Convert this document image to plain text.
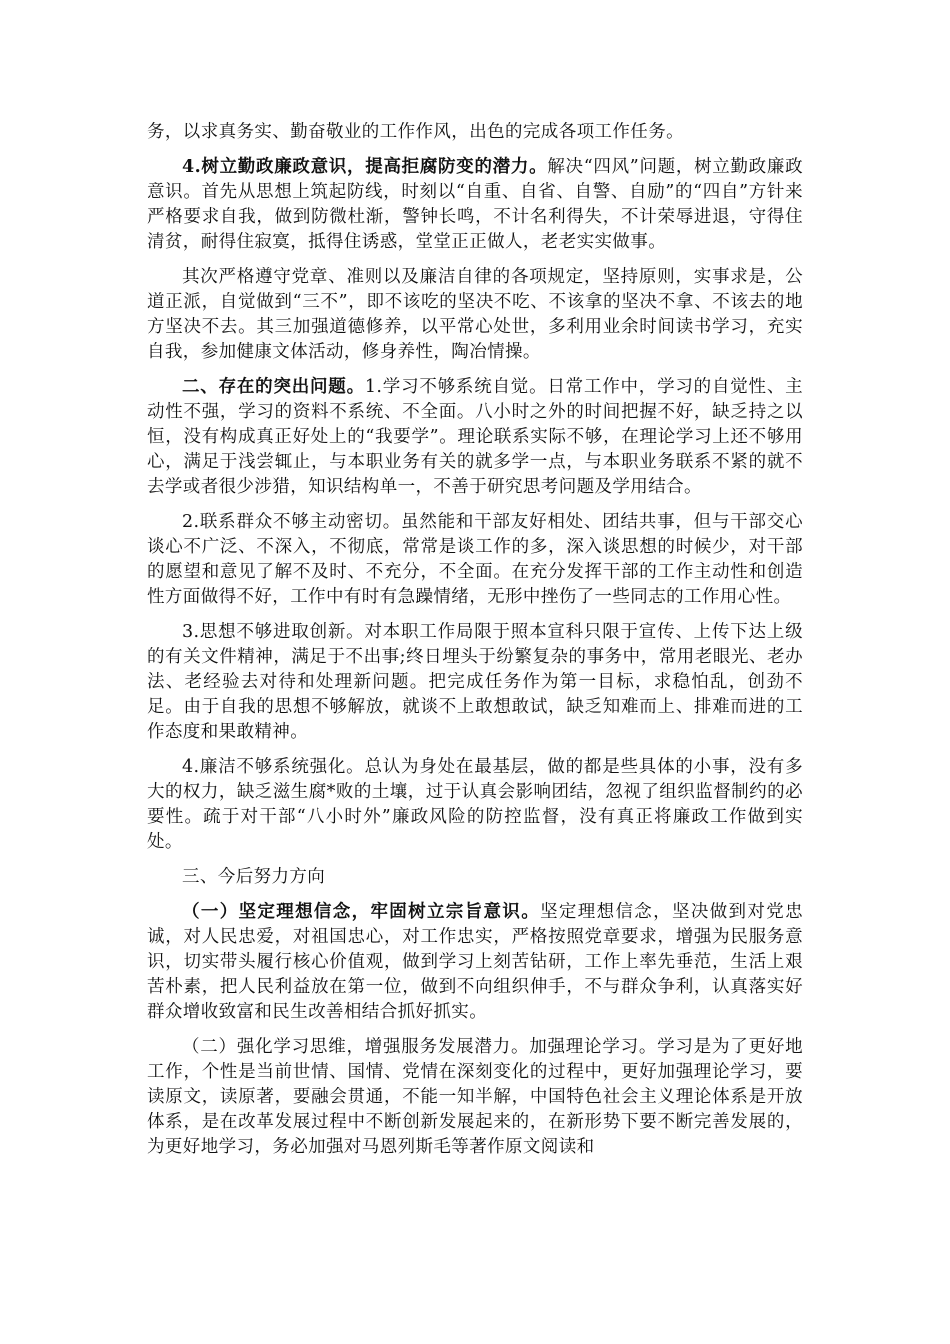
务，以求真务实、勤奋敬业的工作作风，出色的完成各项工作任务。

4.树立勤政廉政意识，提高拒腐防变的潜力。解决“四风”问题，树立勤政廉政意识。首先从思想上筑起防线，时刻以“自重、自省、自警、自励”的“四自”方针来严格要求自我，做到防微杜渐，警钟长鸣，不计名利得失，不计荣辱进退，守得住清贫，耐得住寂寞，抵得住诱惑，堂堂正正做人，老老实实做事。

其次严格遵守党章、准则以及廉洁自律的各项规定，坚持原则，实事求是，公道正派，自觉做到“三不”，即不该吃的坚决不吃、不该拿的坚决不拿、不该去的地方坚决不去。其三加强道德修养，以平常心处世，多利用业余时间读书学习，充实自我，参加健康文体活动，修身养性，陶冶情操。

二、存在的突出问题。1.学习不够系统自觉。日常工作中，学习的自觉性、主动性不强，学习的资料不系统、不全面。八小时之外的时间把握不好，缺乏持之以恒，没有构成真正好处上的“我要学”。理论联系实际不够，在理论学习上还不够用心，满足于浅尝辄止，与本职业务有关的就多学一点，与本职业务联系不紧的就不去学或者很少涉猎，知识结构单一，不善于研究思考问题及学用结合。

2.联系群众不够主动密切。虽然能和干部友好相处、团结共事，但与干部交心谈心不广泛、不深入，不彻底，常常是谈工作的多，深入谈思想的时候少，对干部的愿望和意见了解不及时、不充分，不全面。在充分发挥干部的工作主动性和创造性方面做得不好，工作中有时有急躁情绪，无形中挫伤了一些同志的工作用心性。

3.思想不够进取创新。对本职工作局限于照本宣科只限于宣传、上传下达上级的有关文件精神，满足于不出事;终日埋头于纷繁复杂的事务中，常用老眼光、老办法、老经验去对待和处理新问题。把完成任务作为第一目标，求稳怕乱，创劲不足。由于自我的思想不够解放，就谈不上敢想敢试，缺乏知难而上、排难而进的工作态度和果敢精神。

4.廉洁不够系统强化。总认为身处在最基层，做的都是些具体的小事，没有多大的权力，缺乏滋生腐*败的土壤，过于认真会影响团结，忽视了组织监督制约的必要性。疏于对干部“八小时外”廉政风险的防控监督，没有真正将廉政工作做到实处。

三、今后努力方向

（一）坚定理想信念，牢固树立宗旨意识。坚定理想信念，坚决做到对党忠诚，对人民忠爱，对祖国忠心，对工作忠实，严格按照党章要求，增强为民服务意识，切实带头履行核心价值观，做到学习上刻苦钻研，工作上率先垂范，生活上艰苦朴素，把人民利益放在第一位，做到不向组织伸手，不与群众争利，认真落实好群众增收致富和民生改善相结合抓好抓实。

（二）强化学习思维，增强服务发展潜力。加强理论学习。学习是为了更好地工作，个性是当前世情、国情、党情在深刻变化的过程中，更好加强理论学习，要读原文，读原著，要融会贯通，不能一知半解，中国特色社会主义理论体系是开放体系，是在改革发展过程中不断创新发展起来的，在新形势下要不断完善发展的，为更好地学习，务必加强对马恩列斯毛等著作原文阅读和
